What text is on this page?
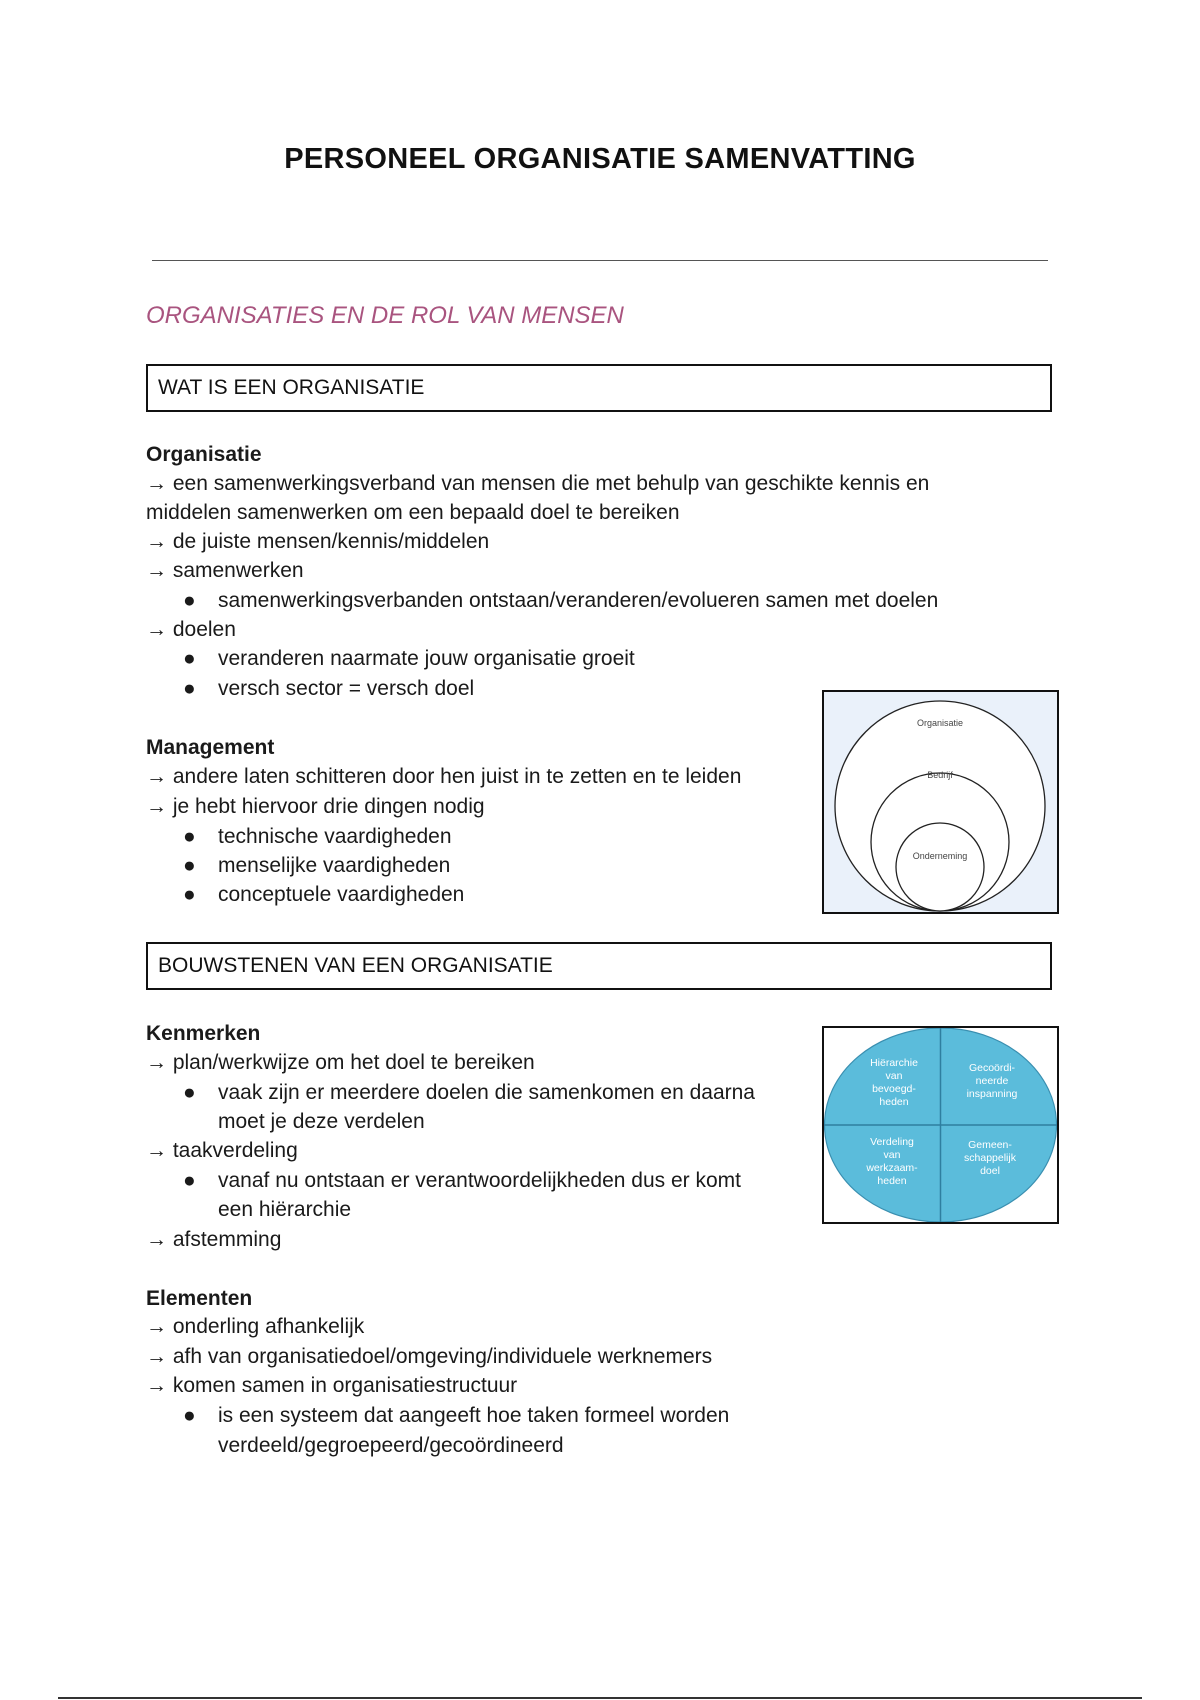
PERSONEEL ORGANISATIE SAMENVATTING
ORGANISATIES EN DE ROL VAN MENSEN
WAT IS EEN ORGANISATIE
Organisatie
→ een samenwerkingsverband van mensen die met behulp van geschikte kennis en
middelen samenwerken om een bepaald doel te bereiken
→ de juiste mensen/kennis/middelen
→ samenwerken
● samenwerkingsverbanden ontstaan/veranderen/evolueren samen met doelen
→ doelen
● veranderen naarmate jouw organisatie groeit
● versch sector = versch doel
Management
→ andere laten schitteren door hen juist in te zetten en te leiden
→ je hebt hiervoor drie dingen nodig
● technische vaardigheden
● menselijke vaardigheden
● conceptuele vaardigheden
Organisatie
Bedrijf
Onderneming
BOUWSTENEN VAN EEN ORGANISATIE
Kenmerken
→ plan/werkwijze om het doel te bereiken
● vaak zijn er meerdere doelen die samenkomen en daarna
moet je deze verdelen
→ taakverdeling
● vanaf nu ontstaan er verantwoordelijkheden dus er komt
een hiërarchie
→ afstemming
Hiërarchie
van
bevoegd-
heden
Gecoördi-
neerde
inspanning
Verdeling
van
werkzaam-
heden
Gemeen-
schappelijk
doel
Elementen
→ onderling afhankelijk
→ afh van organisatiedoel/omgeving/individuele werknemers
→ komen samen in organisatiestructuur
● is een systeem dat aangeeft hoe taken formeel worden
verdeeld/gegroepeerd/gecoördineerd
